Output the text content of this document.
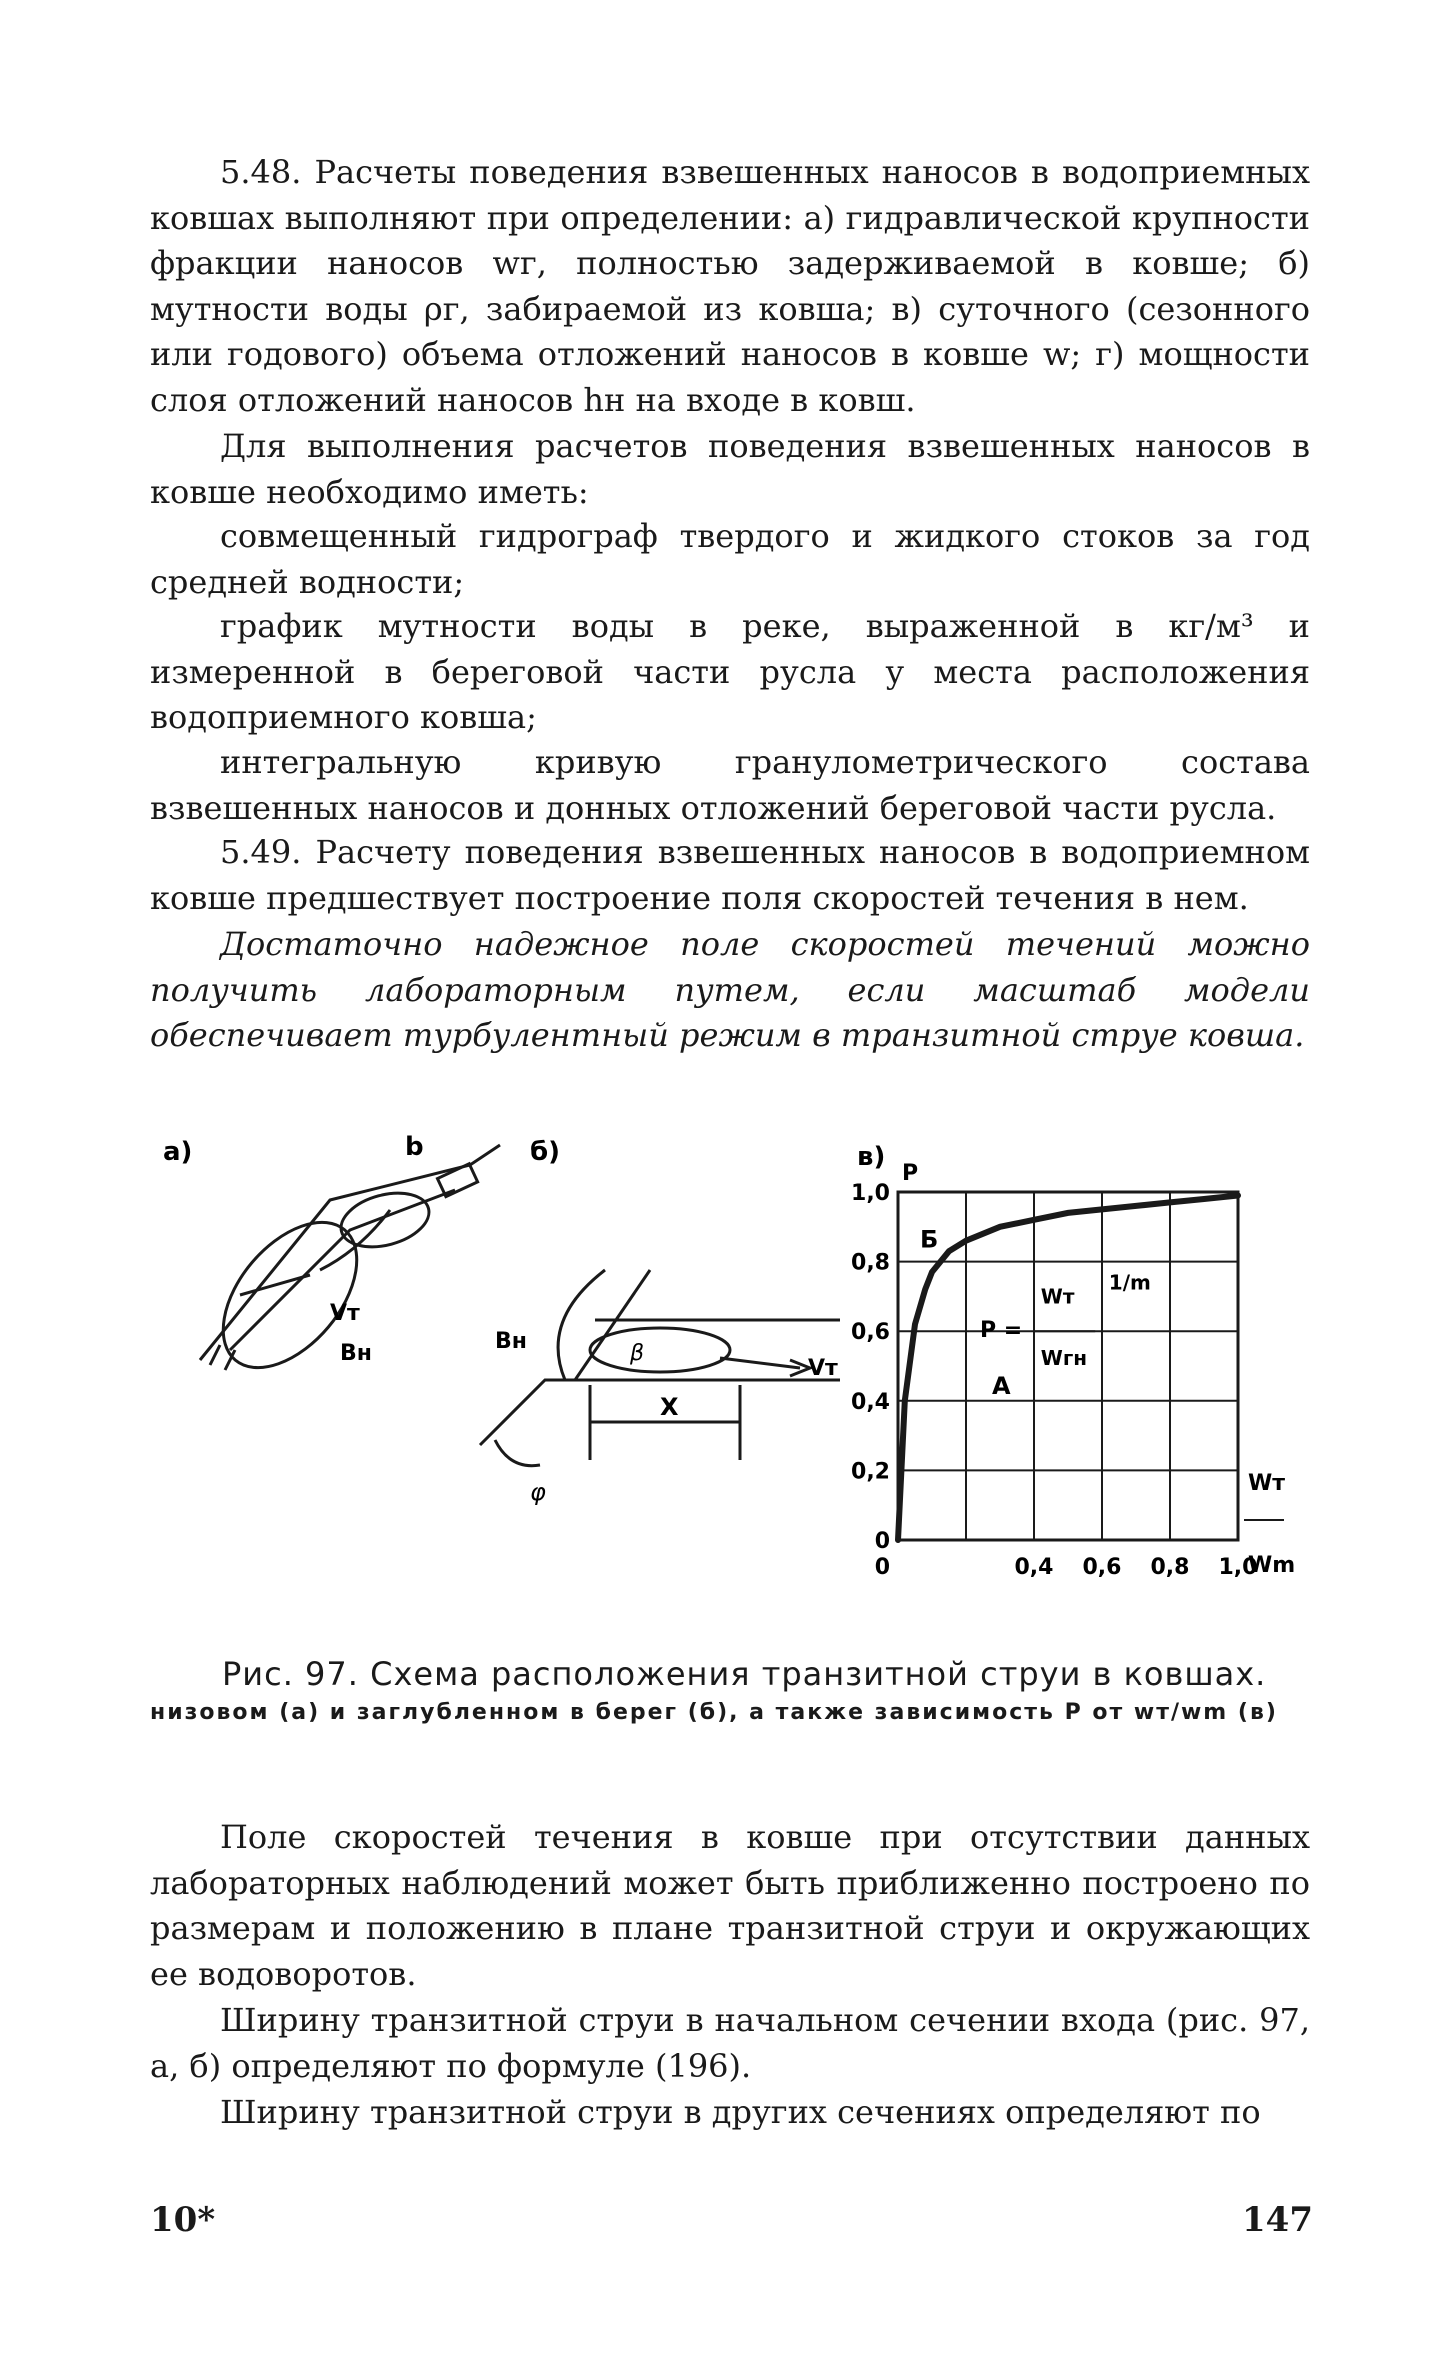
5.48. Расчеты поведения взвешенных наносов в водоприемных ковшах выполняют при определении: а) гидравлической крупности фракции наносов wг, полностью задерживаемой в ковше; б) мутности воды ρг, забираемой из ковша; в) суточного (сезонного или годового) объема отложений наносов в ковше w; г) мощности слоя отложений наносов hн на входе в ковш.

Для выполнения расчетов поведения взвешенных наносов в ковше необходимо иметь:

совмещенный гидрограф твердого и жидкого стоков за год средней водности;

график мутности воды в реке, выраженной в кг/м³ и измеренной в береговой части русла у места расположения водоприемного ковша;

интегральную кривую гранулометрического состава взвешенных наносов и донных отложений береговой части русла.

5.49. Расчету поведения взвешенных наносов в водоприемном ковше предшествует построение поля скоростей течения в нем.

Достаточно надежное поле скоростей течений можно получить лабораторным путем, если масштаб модели обеспечивает турбулентный режим в транзитной струе ковша.

а)	b
Vт
Bн
б)
Bн	β
Vт
X
φ
в)
1,0
0,8
0,6
0,4
0,2
0
0,4 0,6 0,8 1,0
P
Б
А
P =
Wт
Wгн
1/m
Wт
Wm
0
Рис. 97. Схема расположения транзитной струи в ковшах.
низовом (а) и заглубленном в берег (б), а также зависимость P от wт/wm (в)

Поле скоростей течения в ковше при отсутствии данных лабораторных наблюдений может быть приближенно построено по размерам и положению в плане транзитной струи и окружающих ее водоворотов.

Ширину транзитной струи в начальном сечении входа (рис. 97, а, б) определяют по формуле (196).

Ширину транзитной струи в других сечениях определяют по

10*	147
